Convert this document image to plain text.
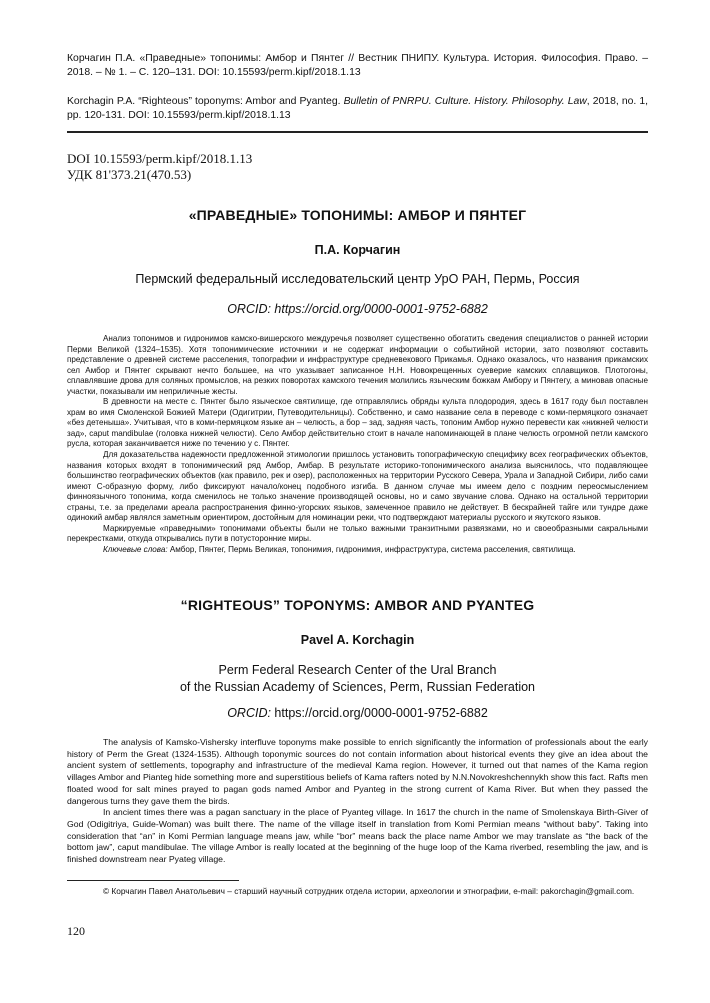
Корчагин П.А. «Праведные» топонимы: Амбор и Пянтег // Вестник ПНИПУ. Культура. История. Философия. Право. – 2018. – № 1. – С. 120–131. DOI: 10.15593/perm.kipf/2018.1.13
Korchagin P.A. “Righteous” toponyms: Ambor and Pyanteg. Bulletin of PNRPU. Culture. History. Philosophy. Law, 2018, no. 1, pp. 120-131. DOI: 10.15593/perm.kipf/2018.1.13
DOI 10.15593/perm.kipf/2018.1.13
УДК 81'373.21(470.53)
«ПРАВЕДНЫЕ» ТОПОНИМЫ: АМБОР И ПЯНТЕГ
П.А. Корчагин
Пермский федеральный исследовательский центр УрО РАН, Пермь, Россия
ORCID: https://orcid.org/0000-0001-9752-6882

Анализ топонимов и гидронимов камско-вишерского междуречья позволяет существенно обогатить сведения специалистов о ранней истории Перми Великой (1324–1535). Хотя топонимические источники и не содержат информации о событийной истории, зато позволяют составить представление о древней системе расселения, топографии и инфраструктуре средневекового Прикамья. Однако оказалось, что названия прикамских сел Амбор и Пянтег скрывают нечто большее, на что указывает записанное Н.Н. Новокрещенных суеверие камских сплавщиков. Плотогоны, сплавлявшие дрова для соляных промыслов, на резких поворотах камского течения молились языческим божкам Амбору и Пянтегу, а миновав опасные участки, показывали им неприличные жесты.

В древности на месте с. Пянтег было языческое святилище, где отправлялись обряды культа плодородия, здесь в 1617 году был поставлен храм во имя Смоленской Божией Матери (Одигитрии, Путеводительницы). Собственно, и само название села в переводе с коми-пермяцкого означает «без детеныша». Учитывая, что в коми-пермяцком языке ан – челюсть, а бор – зад, задняя часть, топоним Амбор нужно перевести как «нижней челюсти зад», caput mandibulae (головка нижней челюсти). Село Амбор действительно стоит в начале напоминающей в плане челюсть огромной петли камского русла, которая заканчивается ниже по течению у с. Пянтег.

Для доказательства надежности предложенной этимологии пришлось установить топографическую специфику всех географических объектов, названия которых входят в топонимический ряд Амбор, Амбар. В результате историко-топонимического анализа выяснилось, что подавляющее большинство географических объектов (как правило, рек и озер), расположенных на территории Русского Севера, Урала и Западной Сибири, либо сами имеют С-образную форму, либо фиксируют начало/конец подобного изгиба. В данном случае мы имеем дело с поздним переосмыслением финноязычного топонима, когда сменилось не только значение производящей основы, но и само звучание слова. Однако на остальной территории страны, т.е. за пределами ареала распространения финно-угорских языков, замеченное правило не действует. В бескрайней тайге или тундре даже одинокий амбар являлся заметным ориентиром, достойным для номинации реки, что подтверждают материалы русского и якутского языков.

Маркируемые «праведными» топонимами объекты были не только важными транзитными развязками, но и своеобразными сакральными перекрестками, откуда открывались пути в потусторонние миры.

Ключевые слова: Амбор, Пянтег, Пермь Великая, топонимия, гидронимия, инфраструктура, система расселения, святилища.

“RIGHTEOUS” TOPONYMS: AMBOR AND PYANTEG
Pavel A. Korchagin
Perm Federal Research Center of the Ural Branch
of the Russian Academy of Sciences, Perm, Russian Federation
ORCID: https://orcid.org/0000-0001-9752-6882

The analysis of Kamsko-Vishersky interfluve toponyms make possible to enrich significantly the information of professionals about the early history of Perm the Great (1324-1535). Although toponymic sources do not contain information about historical events they give an idea about the ancient system of settlements, topography and infrastructure of the medieval Kama region. However, it turned out that names of the Kama region villages Ambor and Pianteg hide something more and superstitious beliefs of Kama rafters noted by N.N.Novokreshchennykh show this fact. Rafts men floated wood for salt mines prayed to pagan gods named Ambor and Pyanteg in the strong current of Kama River. But when they passed the dangerous turns they gave them the birds.

In ancient times there was a pagan sanctuary in the place of Pyanteg village. In 1617 the church in the name of Smolenskaya Birth-Giver of God (Odigitriya, Guide-Woman) was built there. The name of the village itself in translation from Komi Permian means “without baby”. Taking into consideration that “an” in Komi Permian language means jaw, while “bor” means back the place name Ambor we may translate as “the back of the bottom jaw”, caput mandibulae. The village Ambor is really located at the beginning of the huge loop of the Kama riverbed, resembling the jaw, and is finished downstream near Pyateg village.

© Корчагин Павел Анатольевич – старший научный сотрудник отдела истории, археологии и этнографии, e-mail: pakorchagin@gmail.com.
120
